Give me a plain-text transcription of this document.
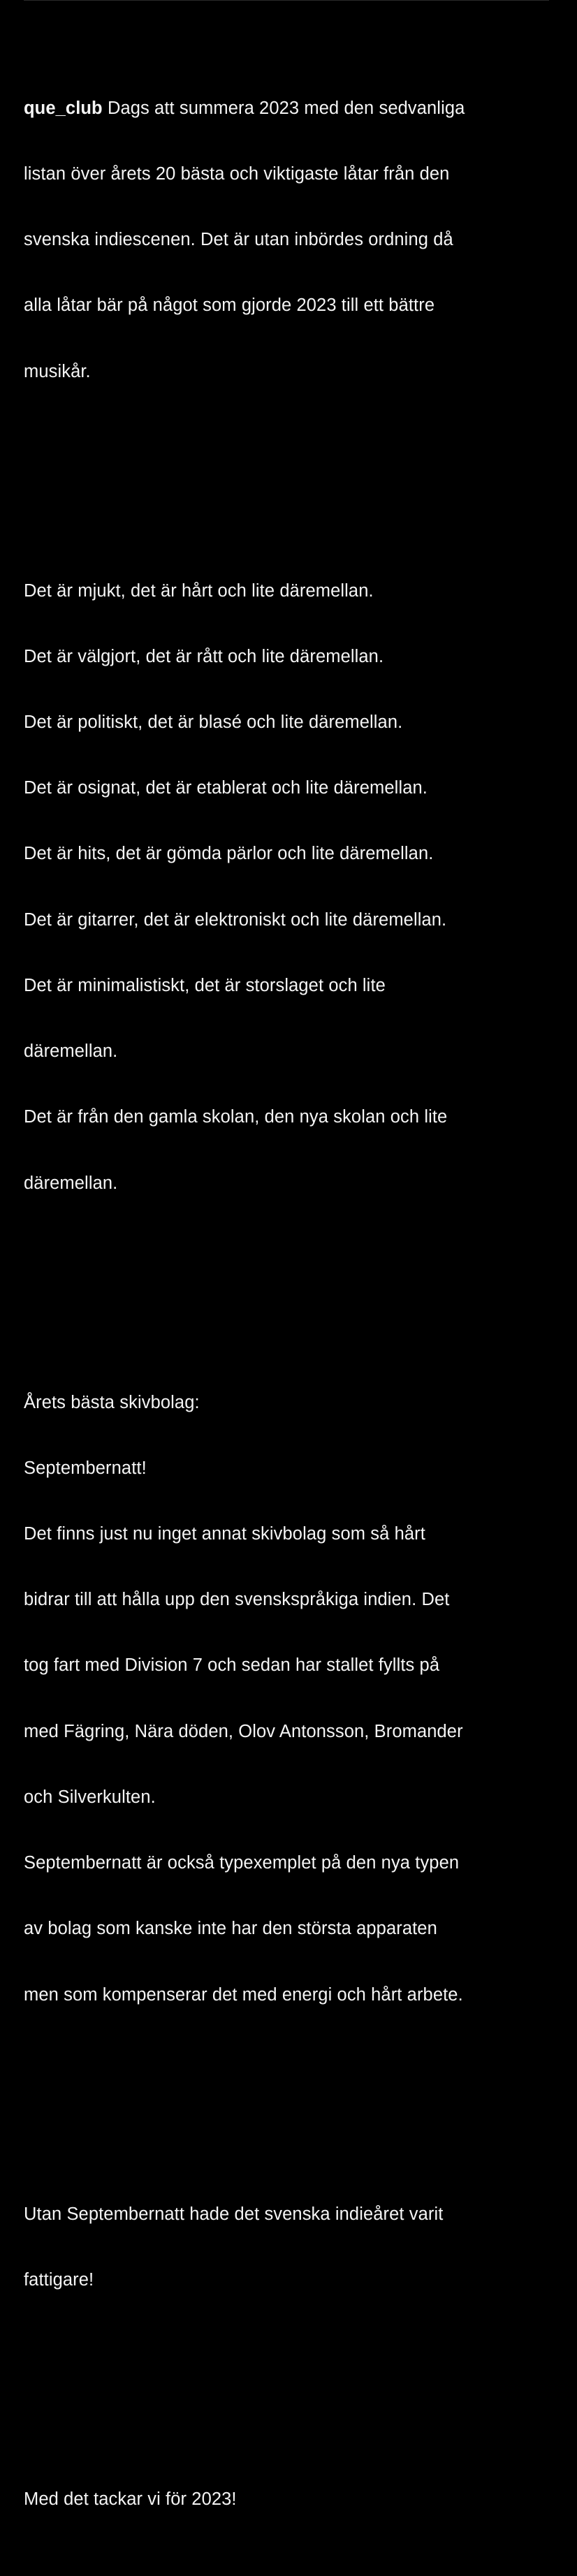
que_club Dags att summera 2023 med den sedvanliga

listan över årets 20 bästa och viktigaste låtar från den

svenska indiescenen. Det är utan inbördes ordning då

alla låtar bär på något som gjorde 2023 till ett bättre

musikår.

Det är mjukt, det är hårt och lite däremellan.

Det är välgjort, det är rått och lite däremellan.

Det är politiskt, det är blasé och lite däremellan.

Det är osignat, det är etablerat och lite däremellan.

Det är hits, det är gömda pärlor och lite däremellan.

Det är gitarrer, det är elektroniskt och lite däremellan.

Det är minimalistiskt, det är storslaget och lite

däremellan.

Det är från den gamla skolan, den nya skolan och lite

däremellan.

Årets bästa skivbolag:

Septembernatt!

Det finns just nu inget annat skivbolag som så hårt

bidrar till att hålla upp den svenskspråkiga indien. Det

tog fart med Division 7 och sedan har stallet fyllts på

med Fägring, Nära döden, Olov Antonsson, Bromander

och Silverkulten.

Septembernatt är också typexemplet på den nya typen

av bolag som kanske inte har den största apparaten

men som kompenserar det med energi och hårt arbete.

Utan Septembernatt hade det svenska indieåret varit

fattigare!

Med det tackar vi för 2023!
